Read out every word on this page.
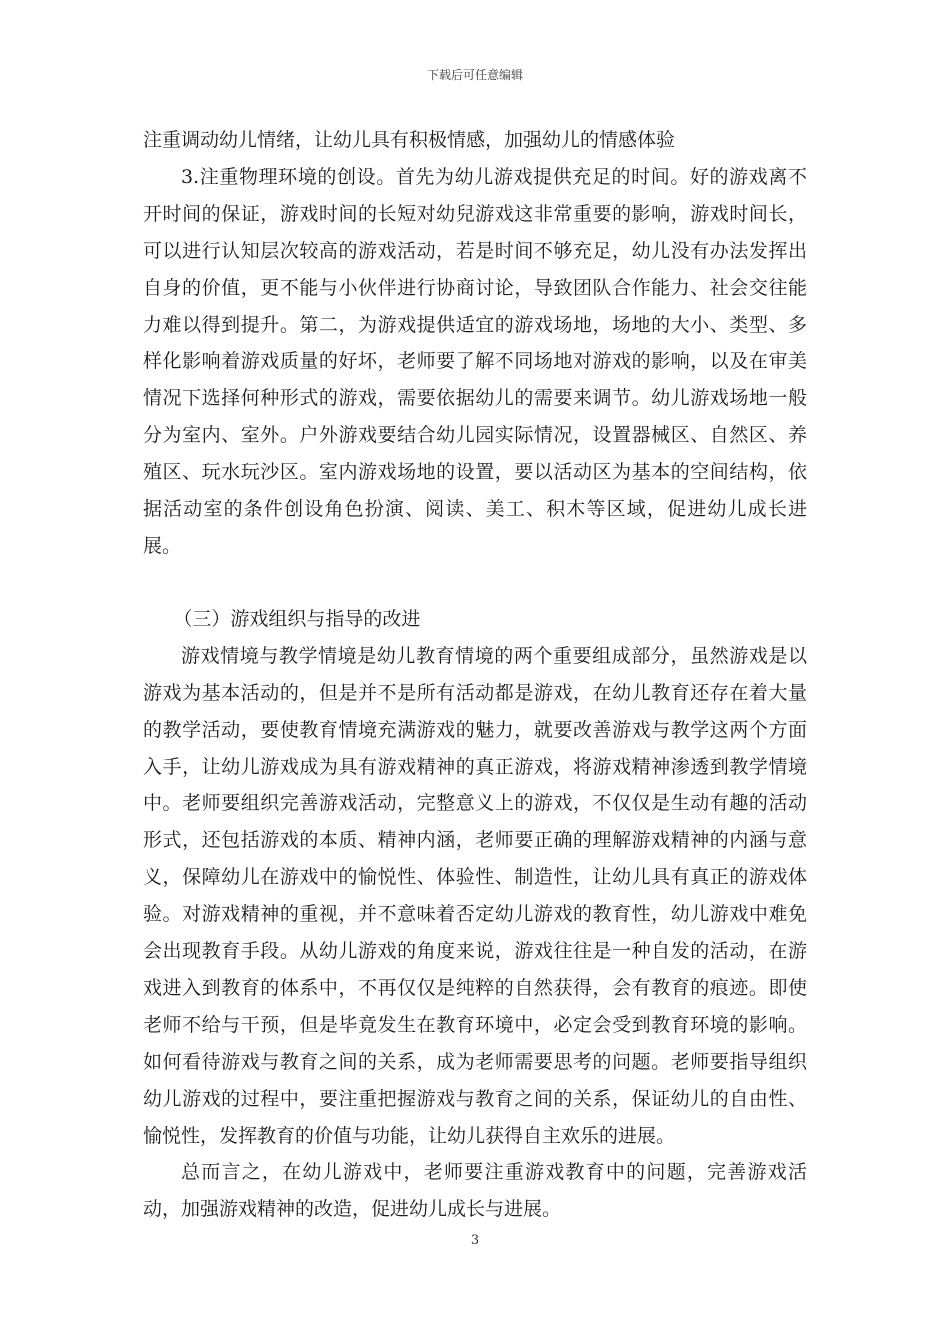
下载后可任意编辑

注重调动幼儿情绪，让幼儿具有积极情感，加强幼儿的情感体验

3.注重物理环境的创设。首先为幼儿游戏提供充足的时间。好的游戏离不开时间的保证，游戏时间的长短对幼兒游戏这非常重要的影响，游戏时间长，可以进行认知层次较高的游戏活动，若是时间不够充足，幼儿没有办法发挥出自身的价值，更不能与小伙伴进行协商讨论，导致团队合作能力、社会交往能力难以得到提升。第二，为游戏提供适宜的游戏场地，场地的大小、类型、多样化影响着游戏质量的好坏，老师要了解不同场地对游戏的影响，以及在审美情况下选择何种形式的游戏，需要依据幼儿的需要来调节。幼儿游戏场地一般分为室内、室外。户外游戏要结合幼儿园实际情况，设置器械区、自然区、养殖区、玩水玩沙区。室内游戏场地的设置，要以活动区为基本的空间结构，依据活动室的条件创设角色扮演、阅读、美工、积木等区域，促进幼儿成长进展。

（三）游戏组织与指导的改进

游戏情境与教学情境是幼儿教育情境的两个重要组成部分，虽然游戏是以游戏为基本活动的，但是并不是所有活动都是游戏，在幼儿教育还存在着大量的教学活动，要使教育情境充满游戏的魅力，就要改善游戏与教学这两个方面入手，让幼儿游戏成为具有游戏精神的真正游戏，将游戏精神渗透到教学情境中。老师要组织完善游戏活动，完整意义上的游戏，不仅仅是生动有趣的活动形式，还包括游戏的本质、精神内涵，老师要正确的理解游戏精神的内涵与意义，保障幼儿在游戏中的愉悦性、体验性、制造性，让幼儿具有真正的游戏体验。对游戏精神的重视，并不意味着否定幼儿游戏的教育性，幼儿游戏中难免会出现教育手段。从幼儿游戏的角度来说，游戏往往是一种自发的活动，在游戏进入到教育的体系中，不再仅仅是纯粹的自然获得，会有教育的痕迹。即使老师不给与干预，但是毕竟发生在教育环境中，必定会受到教育环境的影响。如何看待游戏与教育之间的关系，成为老师需要思考的问题。老师要指导组织幼儿游戏的过程中，要注重把握游戏与教育之间的关系，保证幼儿的自由性、愉悦性，发挥教育的价值与功能，让幼儿获得自主欢乐的进展。

总而言之，在幼儿游戏中，老师要注重游戏教育中的问题，完善游戏活动，加强游戏精神的改造，促进幼儿成长与进展。

3
